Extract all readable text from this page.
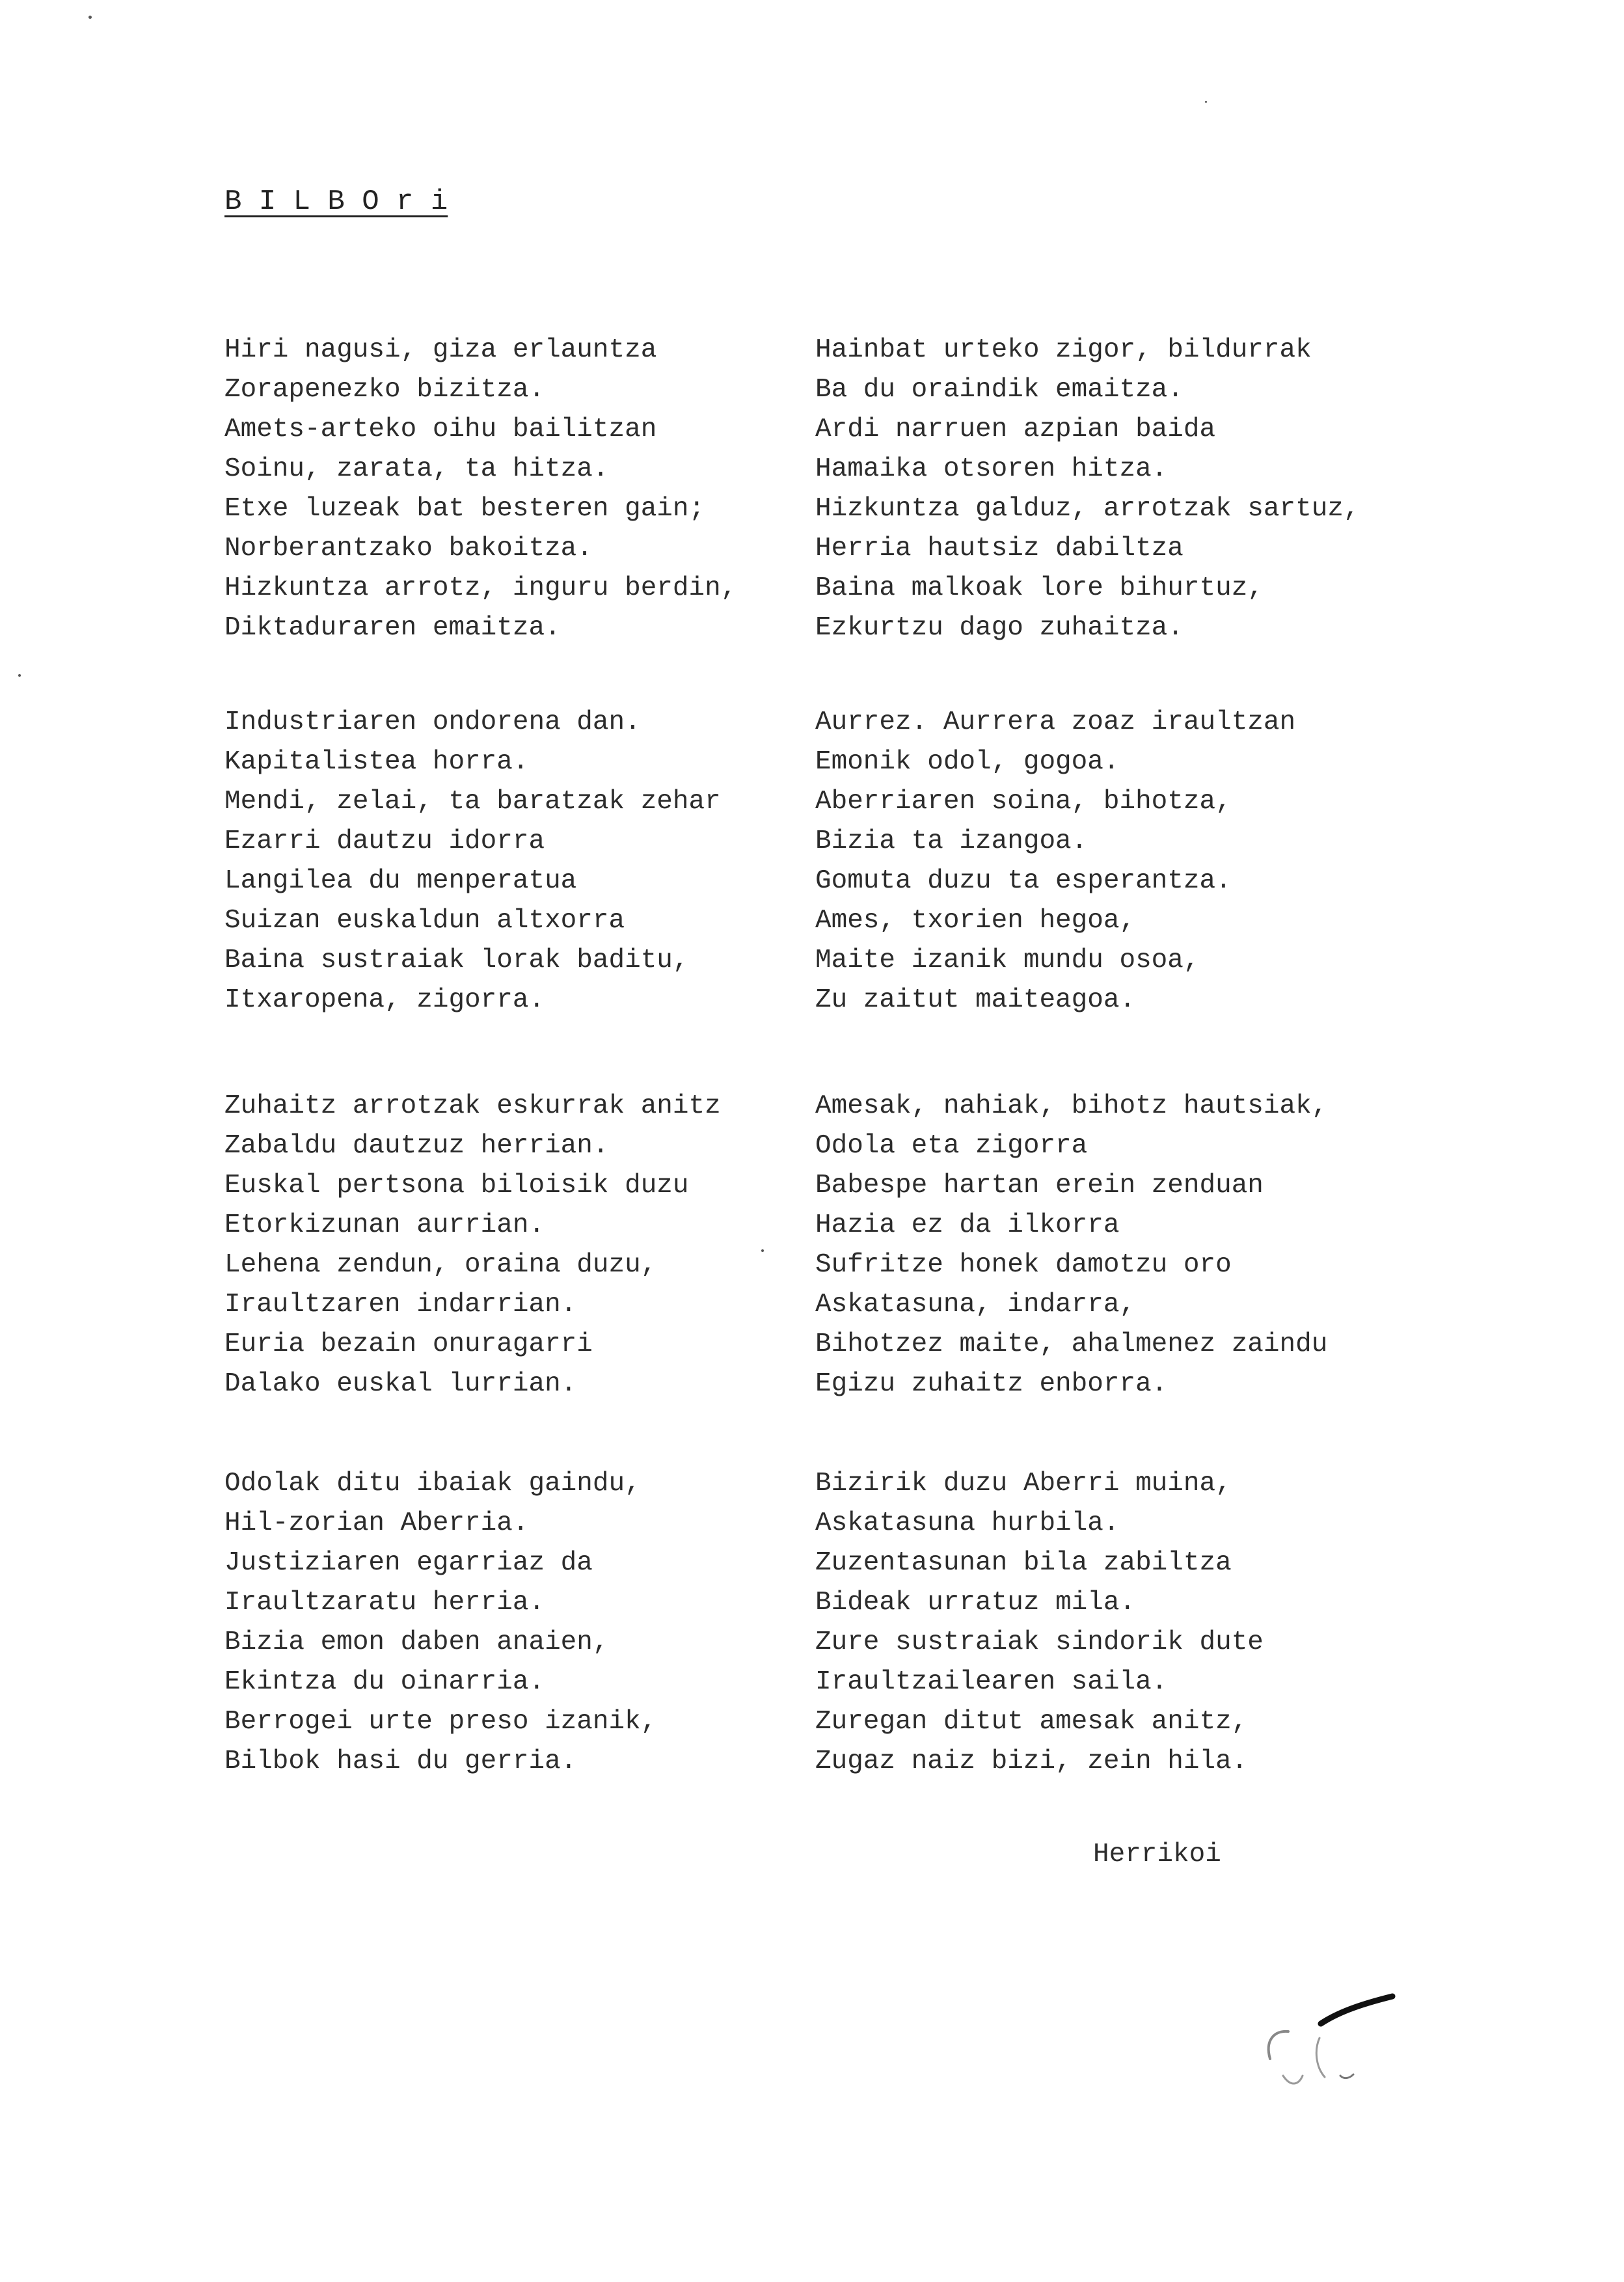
B I L B O r i
Hiri nagusi, giza erlauntza
Zorapenezko bizitza.
Amets-arteko oihu bailitzan
Soinu, zarata, ta hitza.
Etxe luzeak bat besteren gain;
Norberantzako bakoitza.
Hizkuntza arrotz, inguru berdin,
Diktaduraren emaitza.
Hainbat urteko zigor, bildurrak
Ba du oraindik emaitza.
Ardi narruen azpian baida
Hamaika otsoren hitza.
Hizkuntza galduz, arrotzak sartuz,
Herria hautsiz dabiltza
Baina malkoak lore bihurtuz,
Ezkurtzu dago zuhaitza.
Industriaren ondorena dan.
Kapitalistea horra.
Mendi, zelai, ta baratzak zehar
Ezarri dautzu idorra
Langilea du menperatua
Suizan euskaldun altxorra
Baina sustraiak lorak baditu,
Itxaropena, zigorra.
Aurrez. Aurrera zoaz iraultzan
Emonik odol, gogoa.
Aberriaren soina, bihotza,
Bizia ta izangoa.
Gomuta duzu ta esperantza.
Ames, txorien hegoa,
Maite izanik mundu osoa,
Zu zaitut maiteagoa.
Zuhaitz arrotzak eskurrak anitz
Zabaldu dautzuz herrian.
Euskal pertsona biloisik duzu
Etorkizunan aurrian.
Lehena zendun, oraina duzu,
Iraultzaren indarrian.
Euria bezain onuragarri
Dalako euskal lurrian.
Amesak, nahiak, bihotz hautsiak,
Odola eta zigorra
Babespe hartan erein zenduan
Hazia ez da ilkorra
Sufritze honek damotzu oro
Askatasuna, indarra,
Bihotzez maite, ahalmenez zaindu
Egizu zuhaitz enborra.
Odolak ditu ibaiak gaindu,
Hil-zorian Aberria.
Justiziaren egarriaz da
Iraultzaratu herria.
Bizia emon daben anaien,
Ekintza du oinarria.
Berrogei urte preso izanik,
Bilbok hasi du gerria.
Bizirik duzu Aberri muina,
Askatasuna hurbila.
Zuzentasunan bila zabiltza
Bideak urratuz mila.
Zure sustraiak sindorik dute
Iraultzailearen saila.
Zuregan ditut amesak anitz,
Zugaz naiz bizi, zein hila.
Herrikoi
